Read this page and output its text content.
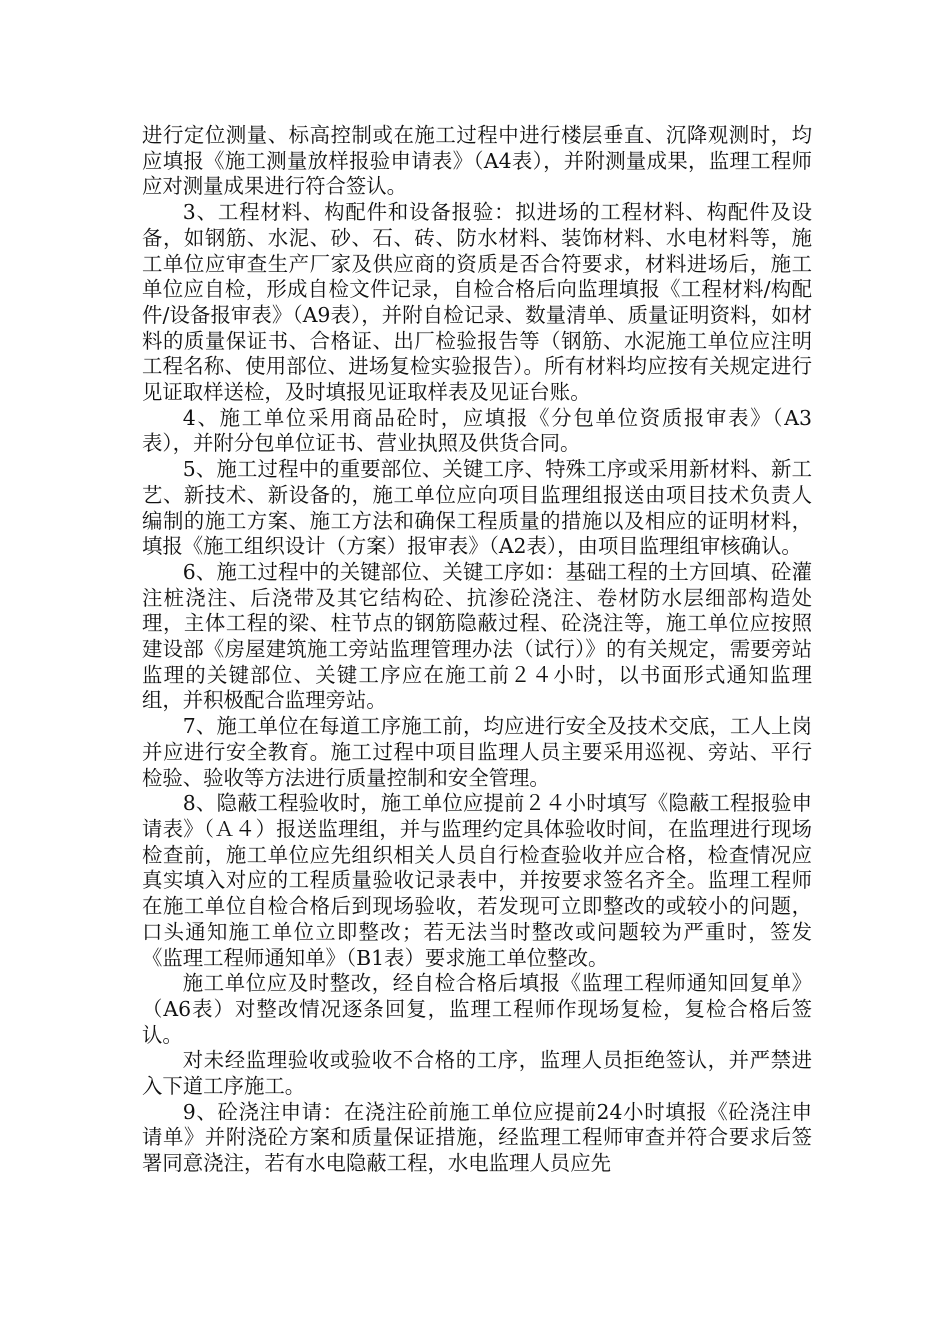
进行定位测量、标高控制或在施工过程中进行楼层垂直、沉降观测时，均应填报《施工测量放样报验申请表》（A4表），并附测量成果，监理工程师应对测量成果进行符合签认。

3、工程材料、构配件和设备报验：拟进场的工程材料、构配件及设备，如钢筋、水泥、砂、石、砖、防水材料、装饰材料、水电材料等，施工单位应审查生产厂家及供应商的资质是否合符要求，材料进场后，施工单位应自检，形成自检文件记录，自检合格后向监理填报《工程材料/构配件/设备报审表》（A9表），并附自检记录、数量清单、质量证明资料，如材料的质量保证书、合格证、出厂检验报告等（钢筋、水泥施工单位应注明工程名称、使用部位、进场复检实验报告）。所有材料均应按有关规定进行见证取样送检，及时填报见证取样表及见证台账。

4、施工单位采用商品砼时，应填报《分包单位资质报审表》（A3表），并附分包单位证书、营业执照及供货合同。

5、施工过程中的重要部位、关键工序、特殊工序或采用新材料、新工艺、新技术、新设备的，施工单位应向项目监理组报送由项目技术负责人编制的施工方案、施工方法和确保工程质量的措施以及相应的证明材料，填报《施工组织设计（方案）报审表》（A2表），由项目监理组审核确认。

6、施工过程中的关键部位、关键工序如：基础工程的土方回填、砼灌注桩浇注、后浇带及其它结构砼、抗渗砼浇注、卷材防水层细部构造处理，主体工程的梁、柱节点的钢筋隐蔽过程、砼浇注等，施工单位应按照建设部《房屋建筑施工旁站监理管理办法（试行）》的有关规定，需要旁站监理的关键部位、关键工序应在施工前２４小时，以书面形式通知监理组，并积极配合监理旁站。

7、施工单位在每道工序施工前，均应进行安全及技术交底，工人上岗并应进行安全教育。施工过程中项目监理人员主要采用巡视、旁站、平行检验、验收等方法进行质量控制和安全管理。

8、隐蔽工程验收时，施工单位应提前２４小时填写《隐蔽工程报验申请表》（Ａ４）报送监理组，并与监理约定具体验收时间，在监理进行现场检查前，施工单位应先组织相关人员自行检查验收并应合格，检查情况应真实填入对应的工程质量验收记录表中，并按要求签名齐全。监理工程师在施工单位自检合格后到现场验收，若发现可立即整改的或较小的问题，口头通知施工单位立即整改；若无法当时整改或问题较为严重时，签发《监理工程师通知单》（B1表）要求施工单位整改。

施工单位应及时整改，经自检合格后填报《监理工程师通知回复单》（A6表）对整改情况逐条回复，监理工程师作现场复检，复检合格后签认。

对未经监理验收或验收不合格的工序，监理人员拒绝签认，并严禁进入下道工序施工。

9、砼浇注申请：在浇注砼前施工单位应提前24小时填报《砼浇注申请单》并附浇砼方案和质量保证措施，经监理工程师审查并符合要求后签署同意浇注，若有水电隐蔽工程，水电监理人员应先
